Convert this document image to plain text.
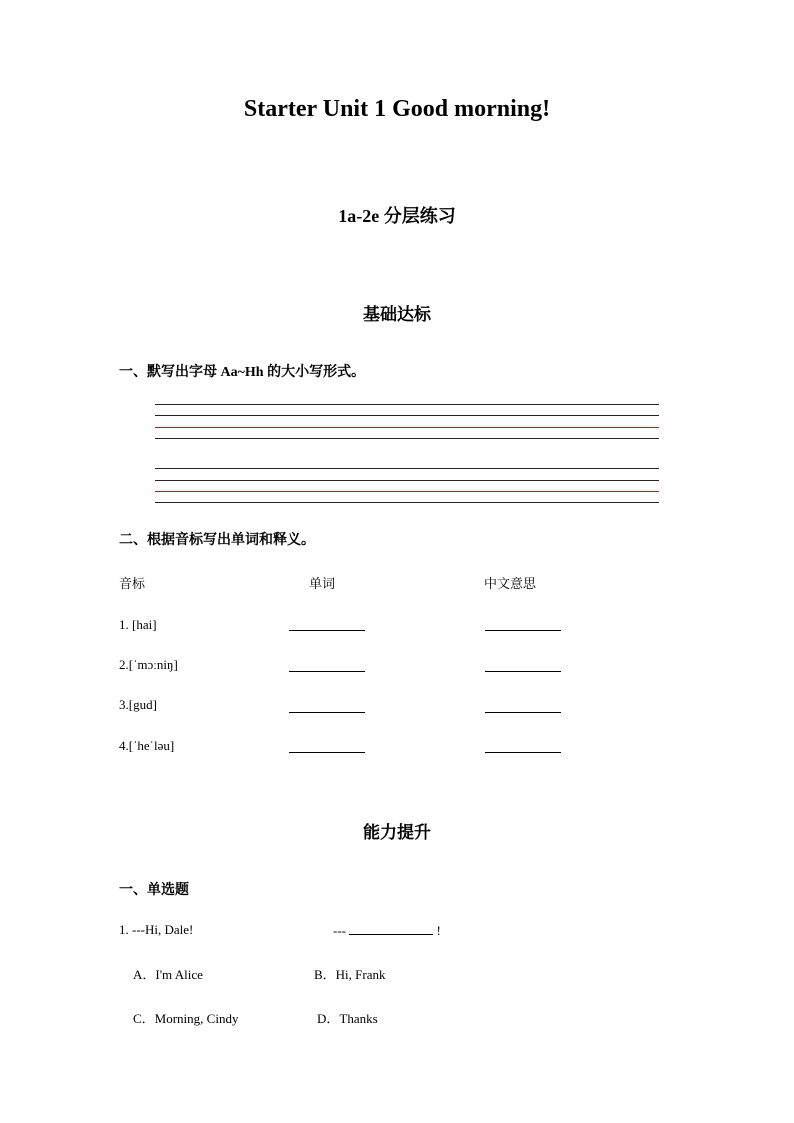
Starter Unit 1 Good morning!
1a-2e 分层练习
基础达标
一、默写出字母 Aa~Hh 的大小写形式。
二、根据音标写出单词和释义。
音标	单词	中文意思
1. [hai]
2.[ˈmɔːniŋ]
3.[gud]
4.[ˈheˈləu]
能力提升
一、单选题
1. ---Hi, Dale!	---	!
A．I'm Alice	B．Hi, Frank
C．Morning, Cindy	D．Thanks
